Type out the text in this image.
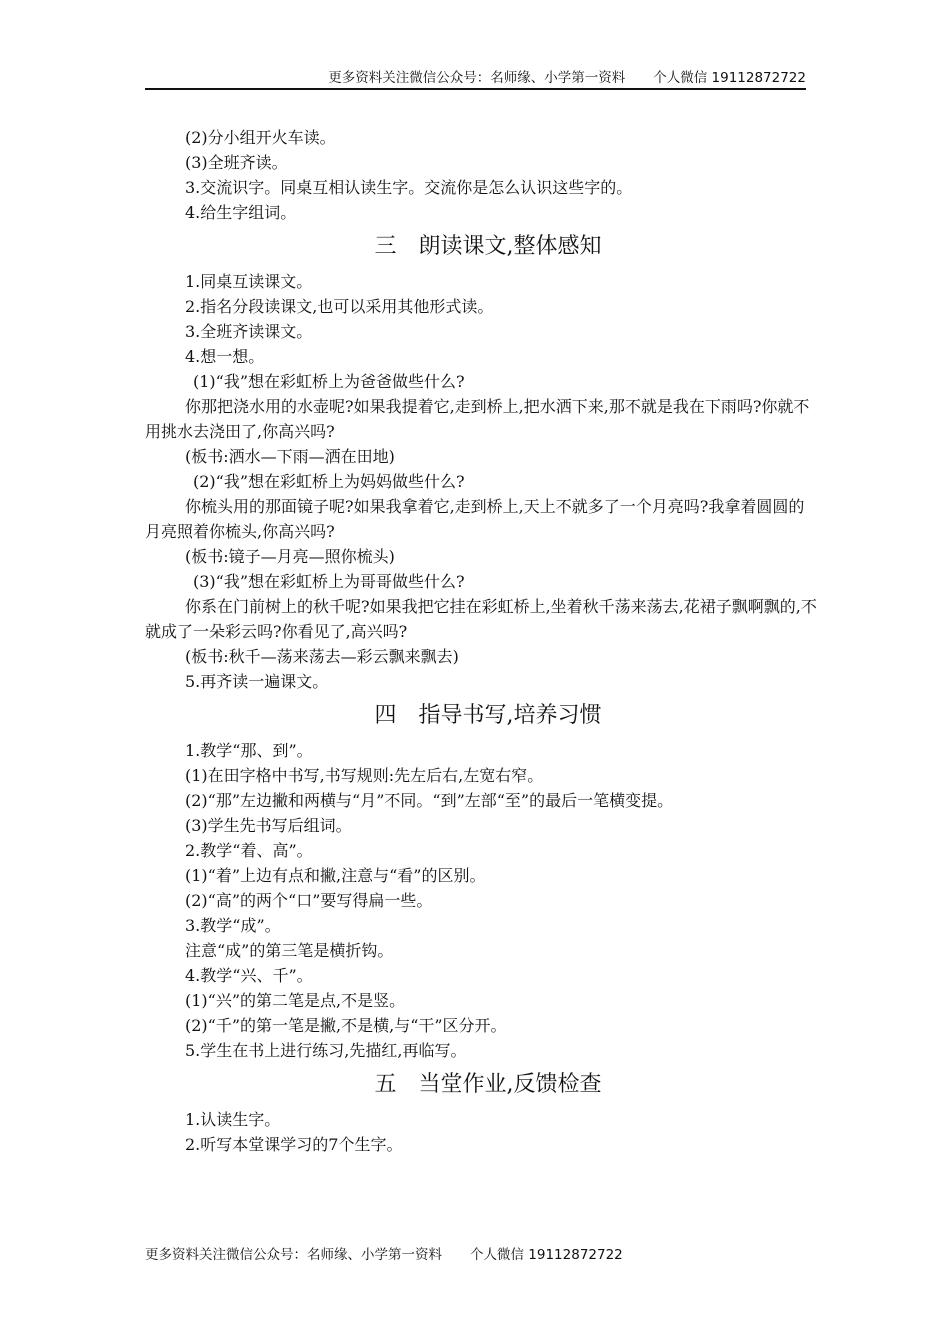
更多资料关注微信公众号：名师缘、小学第一资料 个人微信 19112872722

(2)分小组开火车读。

(3)全班齐读。

3.交流识字。同桌互相认读生字。交流你是怎么认识这些字的。

4.给生字组词。

三　朗读课文,整体感知

1.同桌互读课文。

2.指名分段读课文,也可以采用其他形式读。

3.全班齐读课文。

4.想一想。

(1)“我”想在彩虹桥上为爸爸做些什么?

你那把浇水用的水壶呢?如果我提着它,走到桥上,把水洒下来,那不就是我在下雨吗?你就不用挑水去浇田了,你高兴吗?

(板书:洒水—下雨—洒在田地)

(2)“我”想在彩虹桥上为妈妈做些什么?

你梳头用的那面镜子呢?如果我拿着它,走到桥上,天上不就多了一个月亮吗?我拿着圆圆的月亮照着你梳头,你高兴吗?

(板书:镜子—月亮—照你梳头)

(3)“我”想在彩虹桥上为哥哥做些什么?

你系在门前树上的秋千呢?如果我把它挂在彩虹桥上,坐着秋千荡来荡去,花裙子飘啊飘的,不就成了一朵彩云吗?你看见了,高兴吗?

(板书:秋千—荡来荡去—彩云飘来飘去)

5.再齐读一遍课文。

四　指导书写,培养习惯

1.教学“那、到”。

(1)在田字格中书写,书写规则:先左后右,左宽右窄。

(2)“那”左边撇和两横与“月”不同。“到”左部“至”的最后一笔横变提。

(3)学生先书写后组词。

2.教学“着、高”。

(1)“着”上边有点和撇,注意与“看”的区别。

(2)“高”的两个“口”要写得扁一些。

3.教学“成”。

注意“成”的第三笔是横折钩。

4.教学“兴、千”。

(1)“兴”的第二笔是点,不是竖。

(2)“千”的第一笔是撇,不是横,与“干”区分开。

5.学生在书上进行练习,先描红,再临写。

五　当堂作业,反馈检查

1.认读生字。

2.听写本堂课学习的7个生字。

更多资料关注微信公众号：名师缘、小学第一资料 个人微信 19112872722
